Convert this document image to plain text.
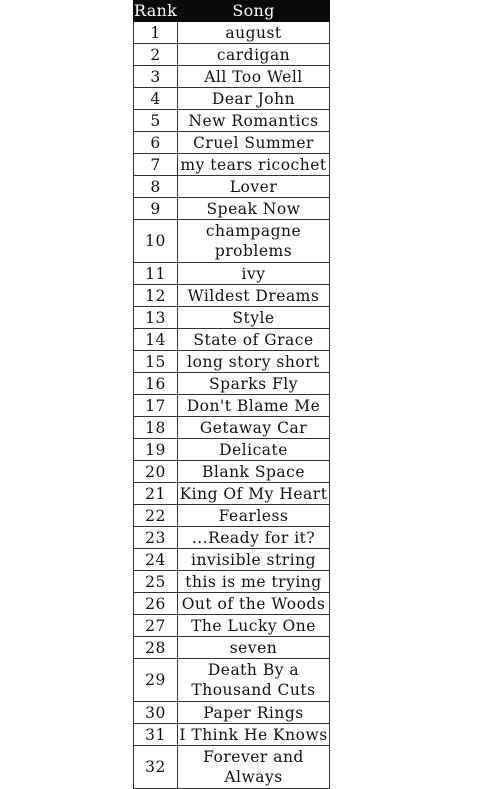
Rank	Song
1	august
2	cardigan
3	All Too Well
4	Dear John
5	New Romantics
6	Cruel Summer
7	my tears ricochet
8	Lover
9	Speak Now
10	champagne problems
11	ivy
12	Wildest Dreams
13	Style
14	State of Grace
15	long story short
16	Sparks Fly
17	Don't Blame Me
18	Getaway Car
19	Delicate
20	Blank Space
21	King Of My Heart
22	Fearless
23	...Ready for it?
24	invisible string
25	this is me trying
26	Out of the Woods
27	The Lucky One
28	seven
29	Death By a Thousand Cuts
30	Paper Rings
31	I Think He Knows
32	Forever and Always
